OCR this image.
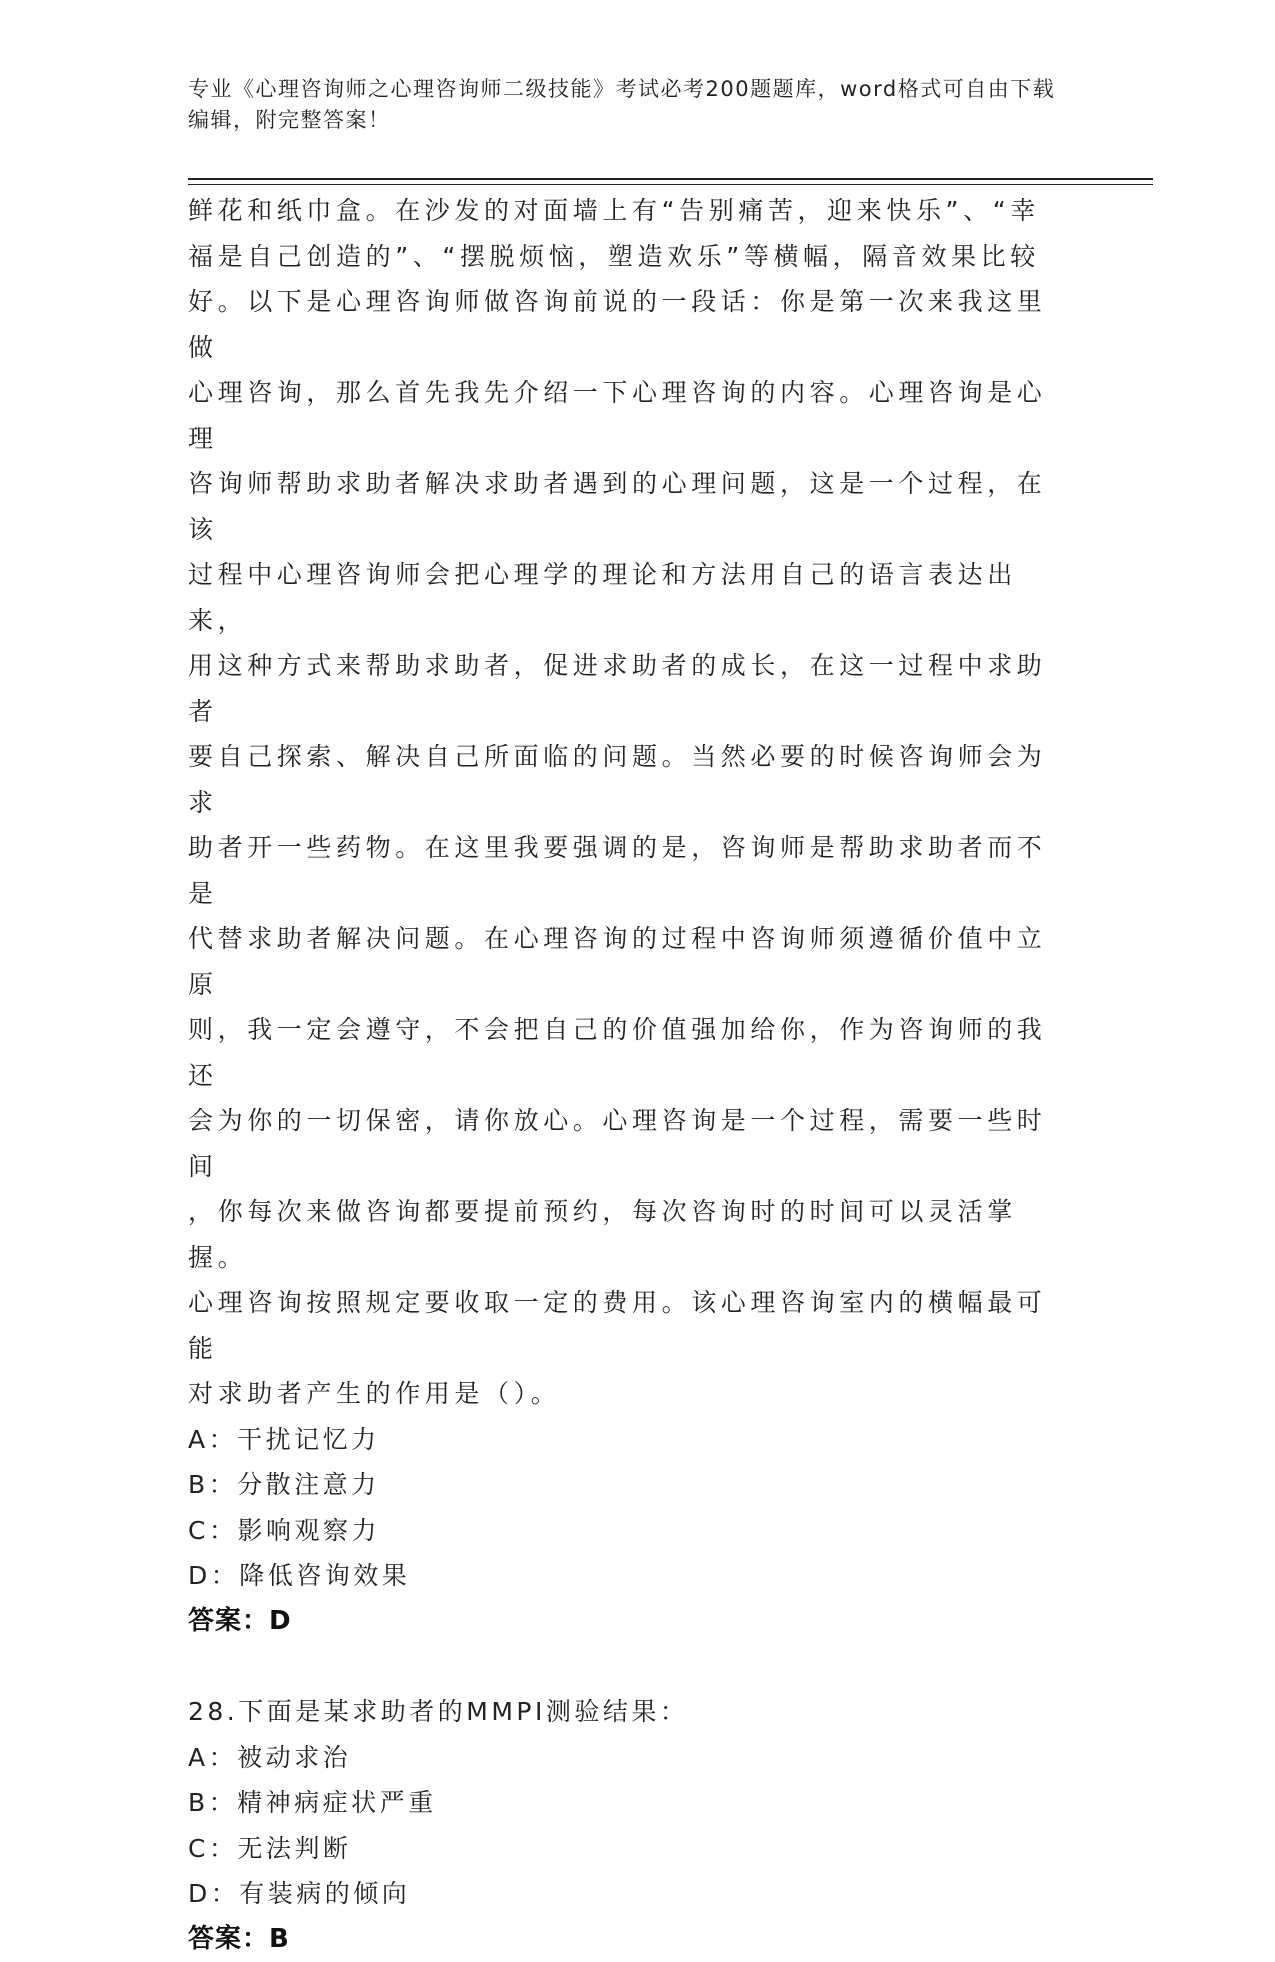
专业《心理咨询师之心理咨询师二级技能》考试必考200题题库，word格式可自由下载编辑，附完整答案！

鲜花和纸巾盒。在沙发的对面墙上有“告别痛苦，迎来快乐”、“幸

福是自己创造的”、“摆脱烦恼，塑造欢乐”等横幅，隔音效果比较

好。以下是心理咨询师做咨询前说的一段话：你是第一次来我这里做

心理咨询，那么首先我先介绍一下心理咨询的内容。心理咨询是心理

咨询师帮助求助者解决求助者遇到的心理问题，这是一个过程，在该

过程中心理咨询师会把心理学的理论和方法用自己的语言表达出来，

用这种方式来帮助求助者，促进求助者的成长，在这一过程中求助者

要自己探索、解决自己所面临的问题。当然必要的时候咨询师会为求

助者开一些药物。在这里我要强调的是，咨询师是帮助求助者而不是

代替求助者解决问题。在心理咨询的过程中咨询师须遵循价值中立原

则，我一定会遵守，不会把自己的价值强加给你，作为咨询师的我还

会为你的一切保密，请你放心。心理咨询是一个过程，需要一些时间

，你每次来做咨询都要提前预约，每次咨询时的时间可以灵活掌握。

心理咨询按照规定要收取一定的费用。该心理咨询室内的横幅最可能

对求助者产生的作用是（）。

A：干扰记忆力

B：分散注意力

C：影响观察力

D：降低咨询效果

答案：D

28.下面是某求助者的MMPI测验结果：

A：被动求治

B：精神病症状严重

C：无法判断

D：有装病的倾向

答案：B
